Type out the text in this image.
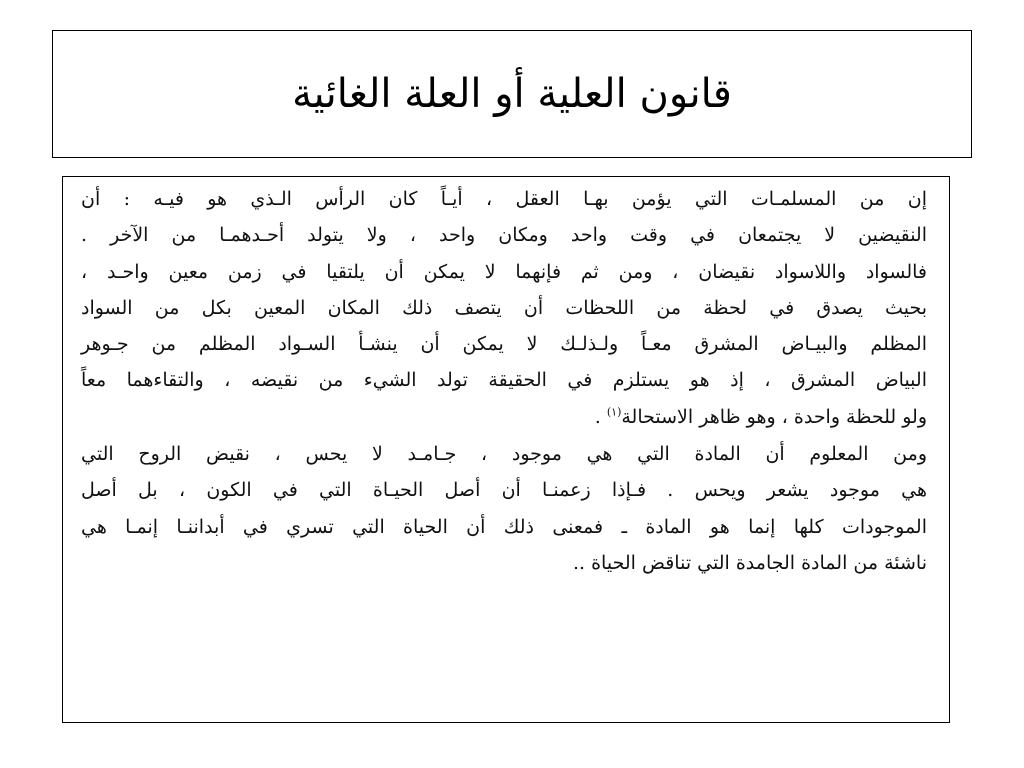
قانون العلية أو العلة الغائية

إن من المسلمـات التي يؤمن بهـا العقل ، أيـاً كان الرأس الـذي هو فيـه : أن
النقيضين لا يجتمعان في وقت واحد ومكان واحد ، ولا يتولد أحـدهمـا من الآخر .
فالسواد واللاسواد نقيضان ، ومن ثم فإنهما لا يمكن أن يلتقيا في زمن معين واحـد ،
بحيث يصدق في لحظة من اللحظات أن يتصف ذلك المكان المعين بكل من السواد
المظلم والبيـاض المشرق معـاً ولـذلـك لا يمكن أن ينشـأ السـواد المظلم من جـوهر
البياض المشرق ، إذ هو يستلزم في الحقيقة تولد الشيء من نقيضه ، والتقاءهما معاً
ولو للحظة واحدة ، وهو ظاهر الاستحالة$^{(١)}$ .

ومن المعلوم أن المادة التي هي موجود ، جـامـد لا يحس ، نقيض الروح التي
هي موجود يشعر ويحس . فـإذا زعمنـا أن أصل الحيـاة التي في الكون ، بل أصل
الموجودات كلها إنما هو المادة ـ فمعنى ذلك أن الحياة التي تسري في أبداننـا إنمـا هي
ناشئة من المادة الجامدة التي تناقض الحياة ..
